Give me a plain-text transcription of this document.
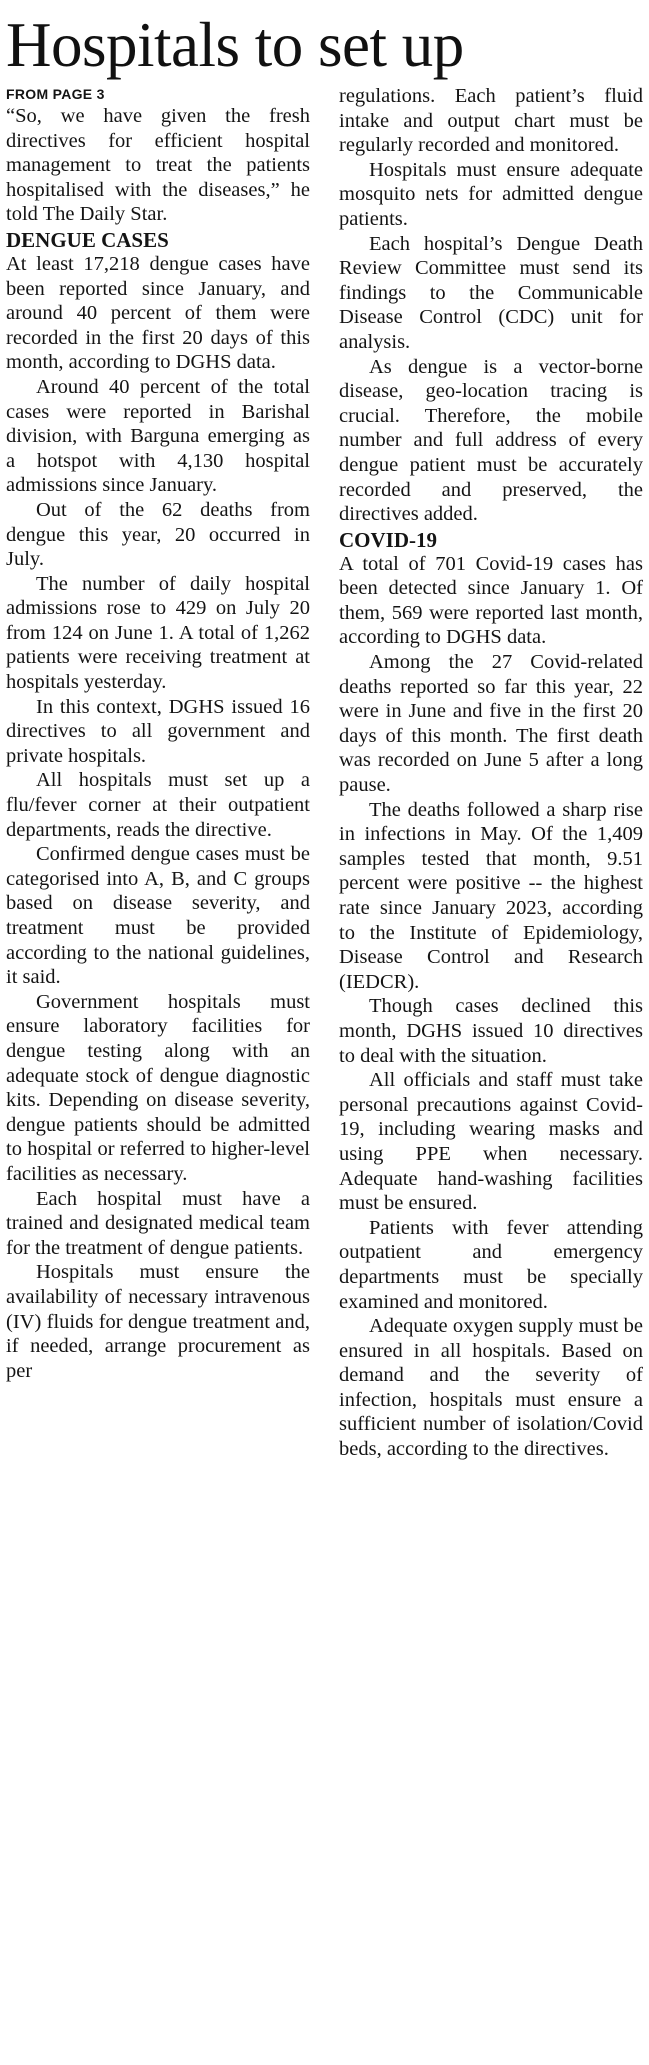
Hospitals to set up
FROM PAGE 3

“So, we have given the fresh directives for efficient hospital management to treat the patients hospitalised with the diseases,” he told The Daily Star.

DENGUE CASES

At least 17,218 dengue cases have been reported since January, and around 40 percent of them were recorded in the first 20 days of this month, according to DGHS data.

Around 40 percent of the total cases were reported in Barishal division, with Barguna emerging as a hotspot with 4,130 hospital admissions since January.

Out of the 62 deaths from dengue this year, 20 occurred in July.

The number of daily hospital admissions rose to 429 on July 20 from 124 on June 1. A total of 1,262 patients were receiving treatment at hospitals yesterday.

In this context, DGHS issued 16 directives to all government and private hospitals.

All hospitals must set up a flu/fever corner at their outpatient departments, reads the directive.

Confirmed dengue cases must be categorised into A, B, and C groups based on disease severity, and treatment must be provided according to the national guidelines, it said.

Government hospitals must ensure laboratory facilities for dengue testing along with an adequate stock of dengue diagnostic kits. Depending on disease severity, dengue patients should be admitted to hospital or referred to higher-level facilities as necessary.

Each hospital must have a trained and designated medical team for the treatment of dengue patients.

Hospitals must ensure the availability of necessary intravenous (IV) fluids for dengue treatment and, if needed, arrange procurement as per

regulations. Each patient’s fluid intake and output chart must be regularly recorded and monitored.

Hospitals must ensure adequate mosquito nets for admitted dengue patients.

Each hospital’s Dengue Death Review Committee must send its findings to the Communicable Disease Control (CDC) unit for analysis.

As dengue is a vector-borne disease, geo-location tracing is crucial. Therefore, the mobile number and full address of every dengue patient must be accurately recorded and preserved, the directives added.

COVID-19

A total of 701 Covid-19 cases has been detected since January 1. Of them, 569 were reported last month, according to DGHS data.

Among the 27 Covid-related deaths reported so far this year, 22 were in June and five in the first 20 days of this month. The first death was recorded on June 5 after a long pause.

The deaths followed a sharp rise in infections in May. Of the 1,409 samples tested that month, 9.51 percent were positive -- the highest rate since January 2023, according to the Institute of Epidemiology, Disease Control and Research (IEDCR).

Though cases declined this month, DGHS issued 10 directives to deal with the situation.

All officials and staff must take personal precautions against Covid-19, including wearing masks and using PPE when necessary. Adequate hand-washing facilities must be ensured.

Patients with fever attending outpatient and emergency departments must be specially examined and monitored.

Adequate oxygen supply must be ensured in all hospitals. Based on demand and the severity of infection, hospitals must ensure a sufficient number of isolation/Covid beds, according to the directives.
